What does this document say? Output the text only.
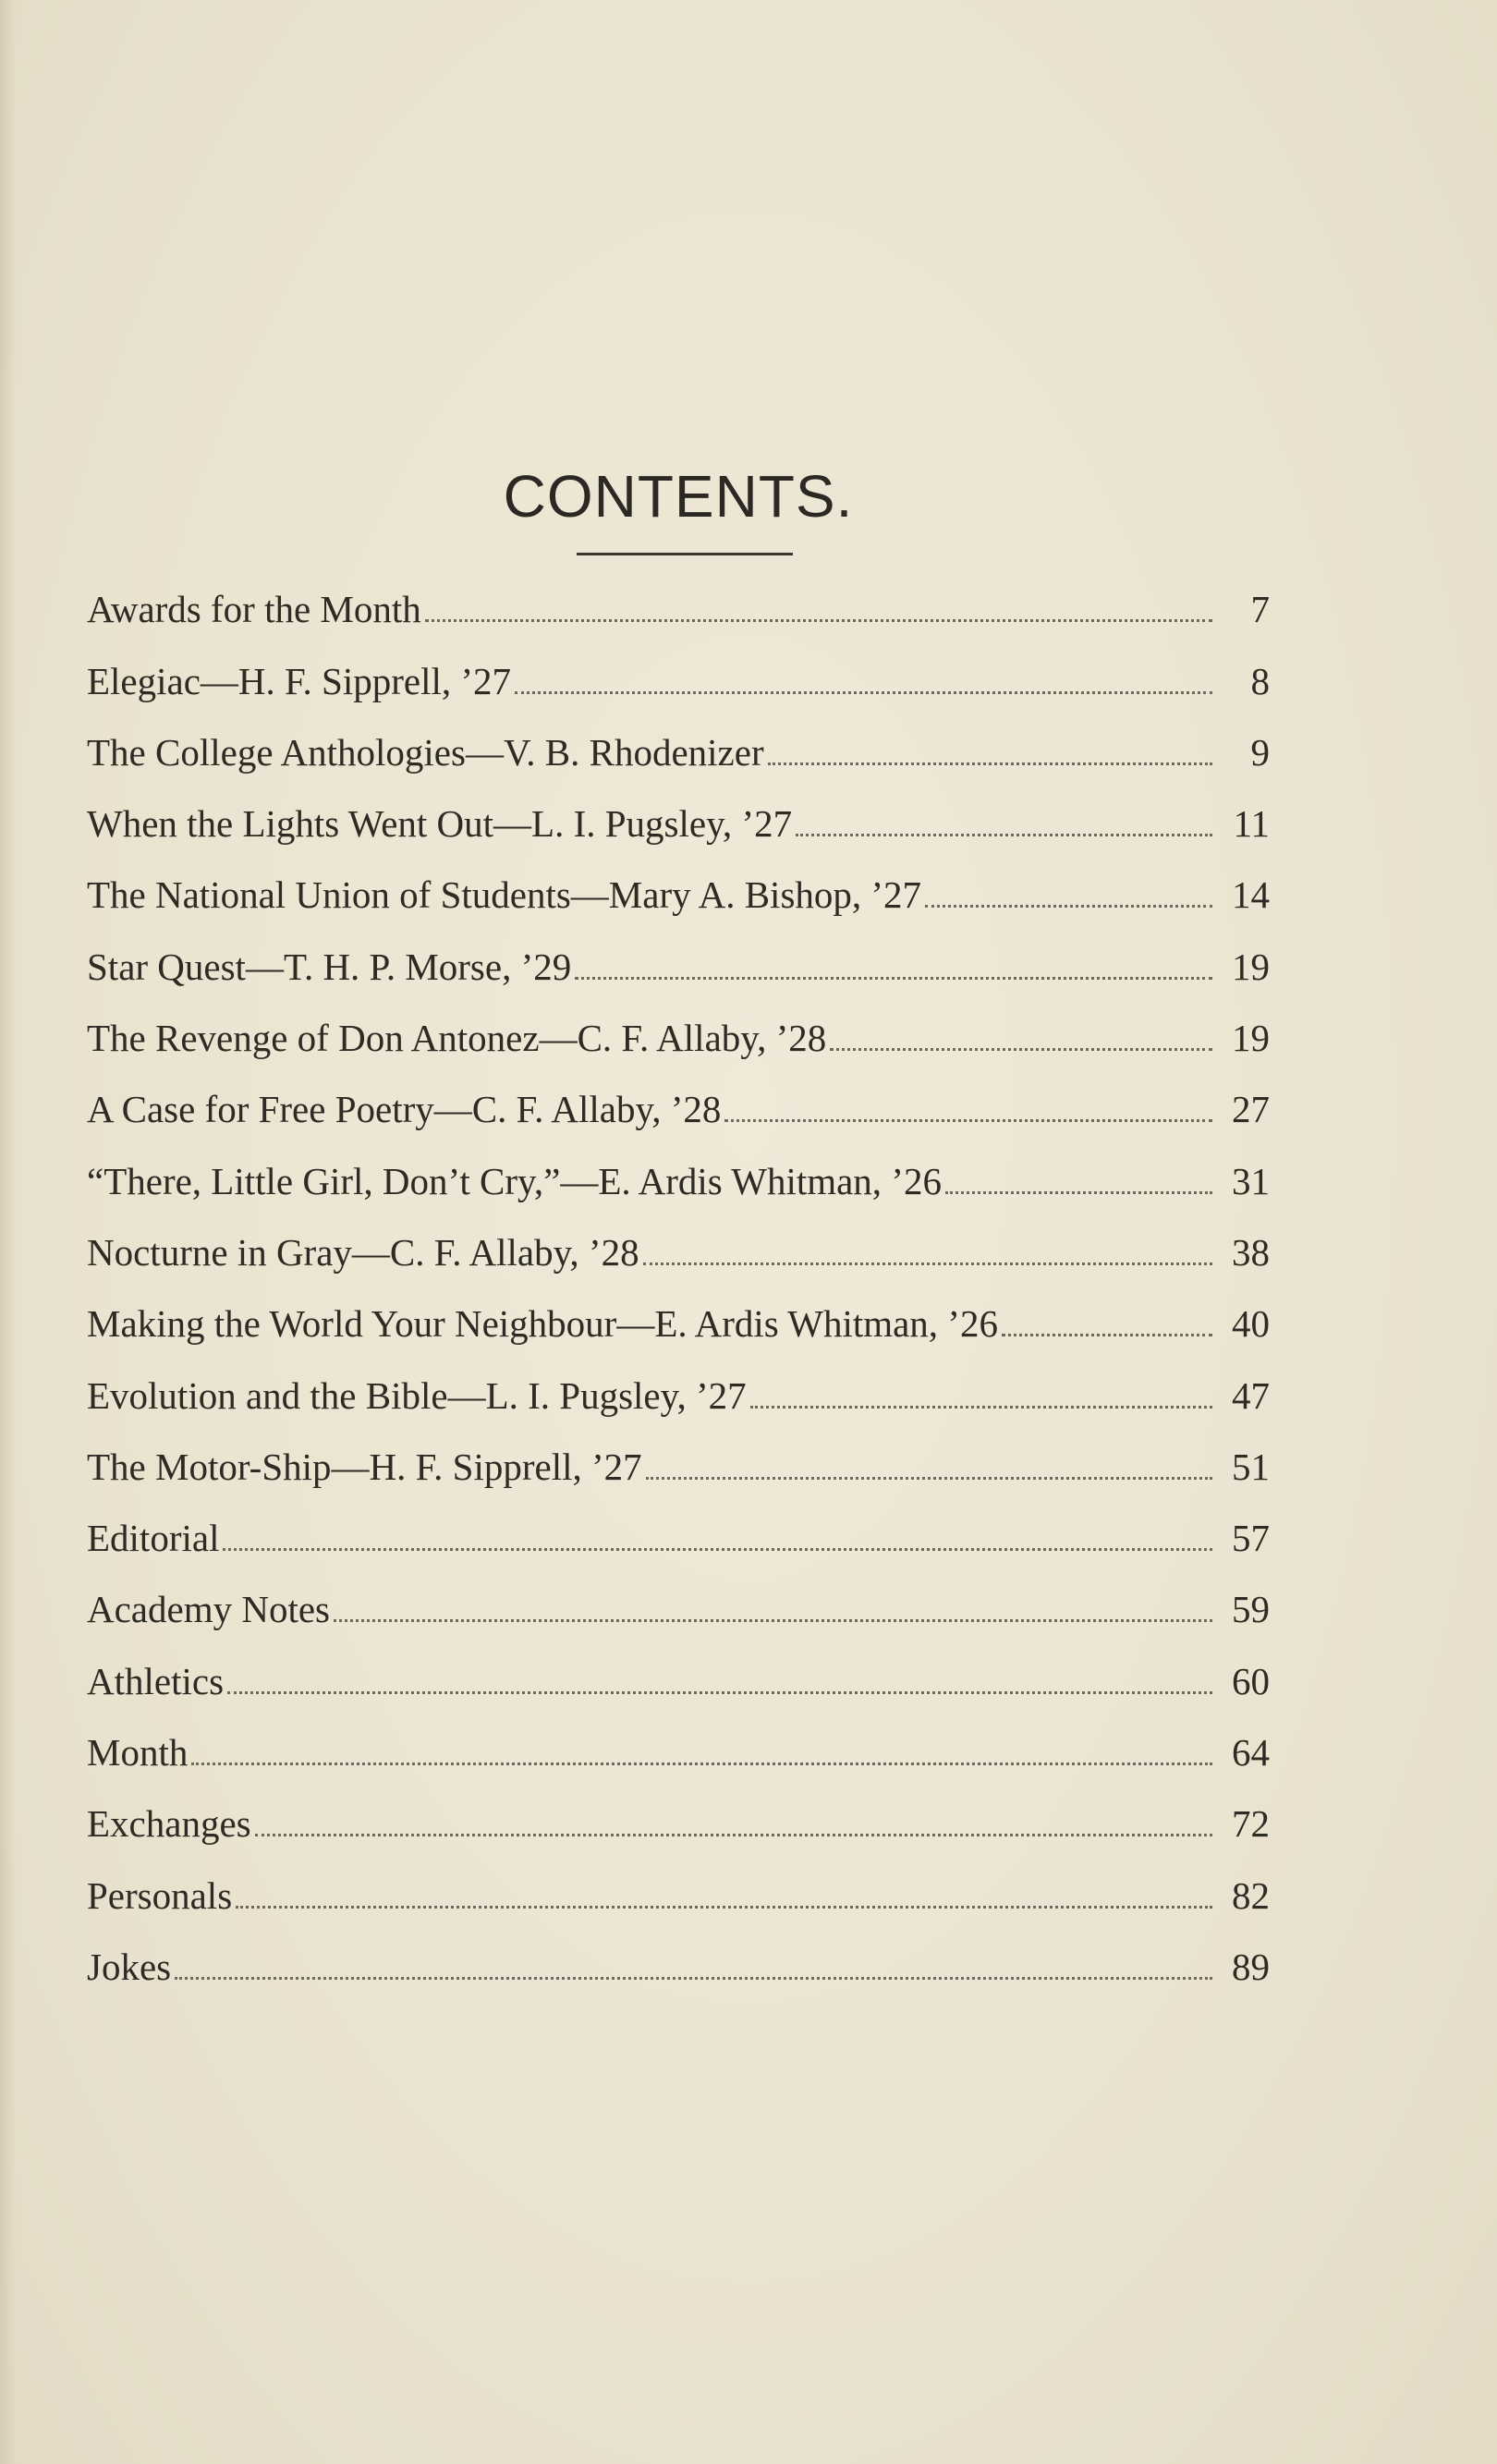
CONTENTS.
Awards for the Month	7
Elegiac—H. F. Sipprell, ’27	8
The College Anthologies—V. B. Rhodenizer	9
When the Lights Went Out—L. I. Pugsley, ’27	11
The National Union of Students—Mary A. Bishop, ’27	14
Star Quest—T. H. P. Morse, ’29	19
The Revenge of Don Antonez—C. F. Allaby, ’28	19
A Case for Free Poetry—C. F. Allaby, ’28	27
“There, Little Girl, Don’t Cry,”—E. Ardis Whitman, ’26	31
Nocturne in Gray—C. F. Allaby, ’28	38
Making the World Your Neighbour—E. Ardis Whitman, ’26	40
Evolution and the Bible—L. I. Pugsley, ’27	47
The Motor-Ship—H. F. Sipprell, ’27	51
Editorial	57
Academy Notes	59
Athletics	60
Month	64
Exchanges	72
Personals	82
Jokes	89
